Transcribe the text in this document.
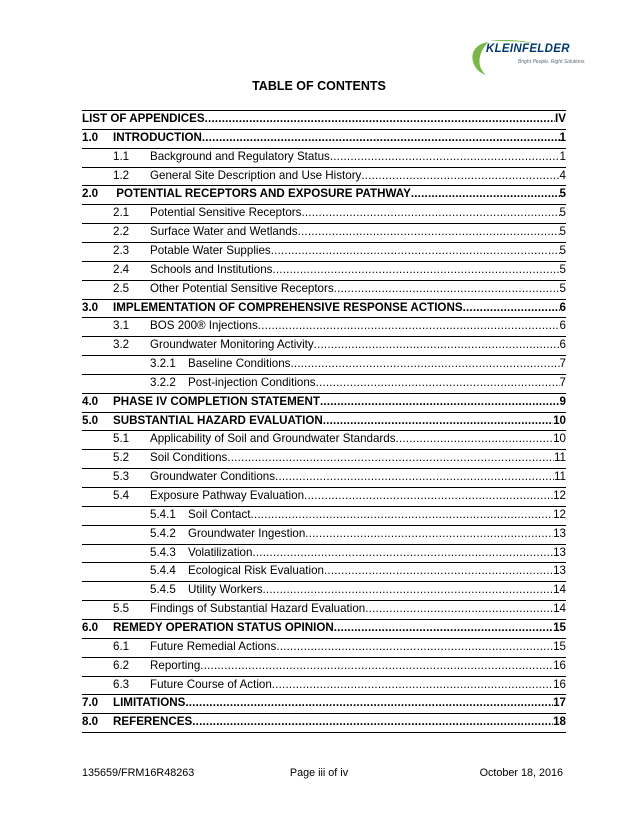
KLEINFELDER
Bright People. Right Solutions.
TABLE OF CONTENTS
LIST OF APPENDICES .....	IV
1.0 INTRODUCTION .....	1
1.1 Background and Regulatory Status .....	1
1.2 General Site Description and Use History .....	4
2.0 POTENTIAL RECEPTORS AND EXPOSURE PATHWAY .....	5
2.1 Potential Sensitive Receptors .....	5
2.2 Surface Water and Wetlands .....	5
2.3 Potable Water Supplies .....	5
2.4 Schools and Institutions .....	5
2.5 Other Potential Sensitive Receptors .....	5
3.0 IMPLEMENTATION OF COMPREHENSIVE RESPONSE ACTIONS .....	6
3.1 BOS 200® Injections .....	6
3.2 Groundwater Monitoring Activity .....	6
3.2.1 Baseline Conditions .....	7
3.2.2 Post-injection Conditions .....	7
4.0 PHASE IV COMPLETION STATEMENT .....	9
5.0 SUBSTANTIAL HAZARD EVALUATION .....	10
5.1 Applicability of Soil and Groundwater Standards .....	10
5.2 Soil Conditions .....	11
5.3 Groundwater Conditions .....	11
5.4 Exposure Pathway Evaluation .....	12
5.4.1 Soil Contact .....	12
5.4.2 Groundwater Ingestion .....	13
5.4.3 Volatilization .....	13
5.4.4 Ecological Risk Evaluation .....	13
5.4.5 Utility Workers .....	14
5.5 Findings of Substantial Hazard Evaluation .....	14
6.0 REMEDY OPERATION STATUS OPINION .....	15
6.1 Future Remedial Actions .....	15
6.2 Reporting .....	16
6.3 Future Course of Action .....	16
7.0 LIMITATIONS .....	17
8.0 REFERENCES .....	18
135659/FRM16R48263	Page iii of iv	October 18, 2016
